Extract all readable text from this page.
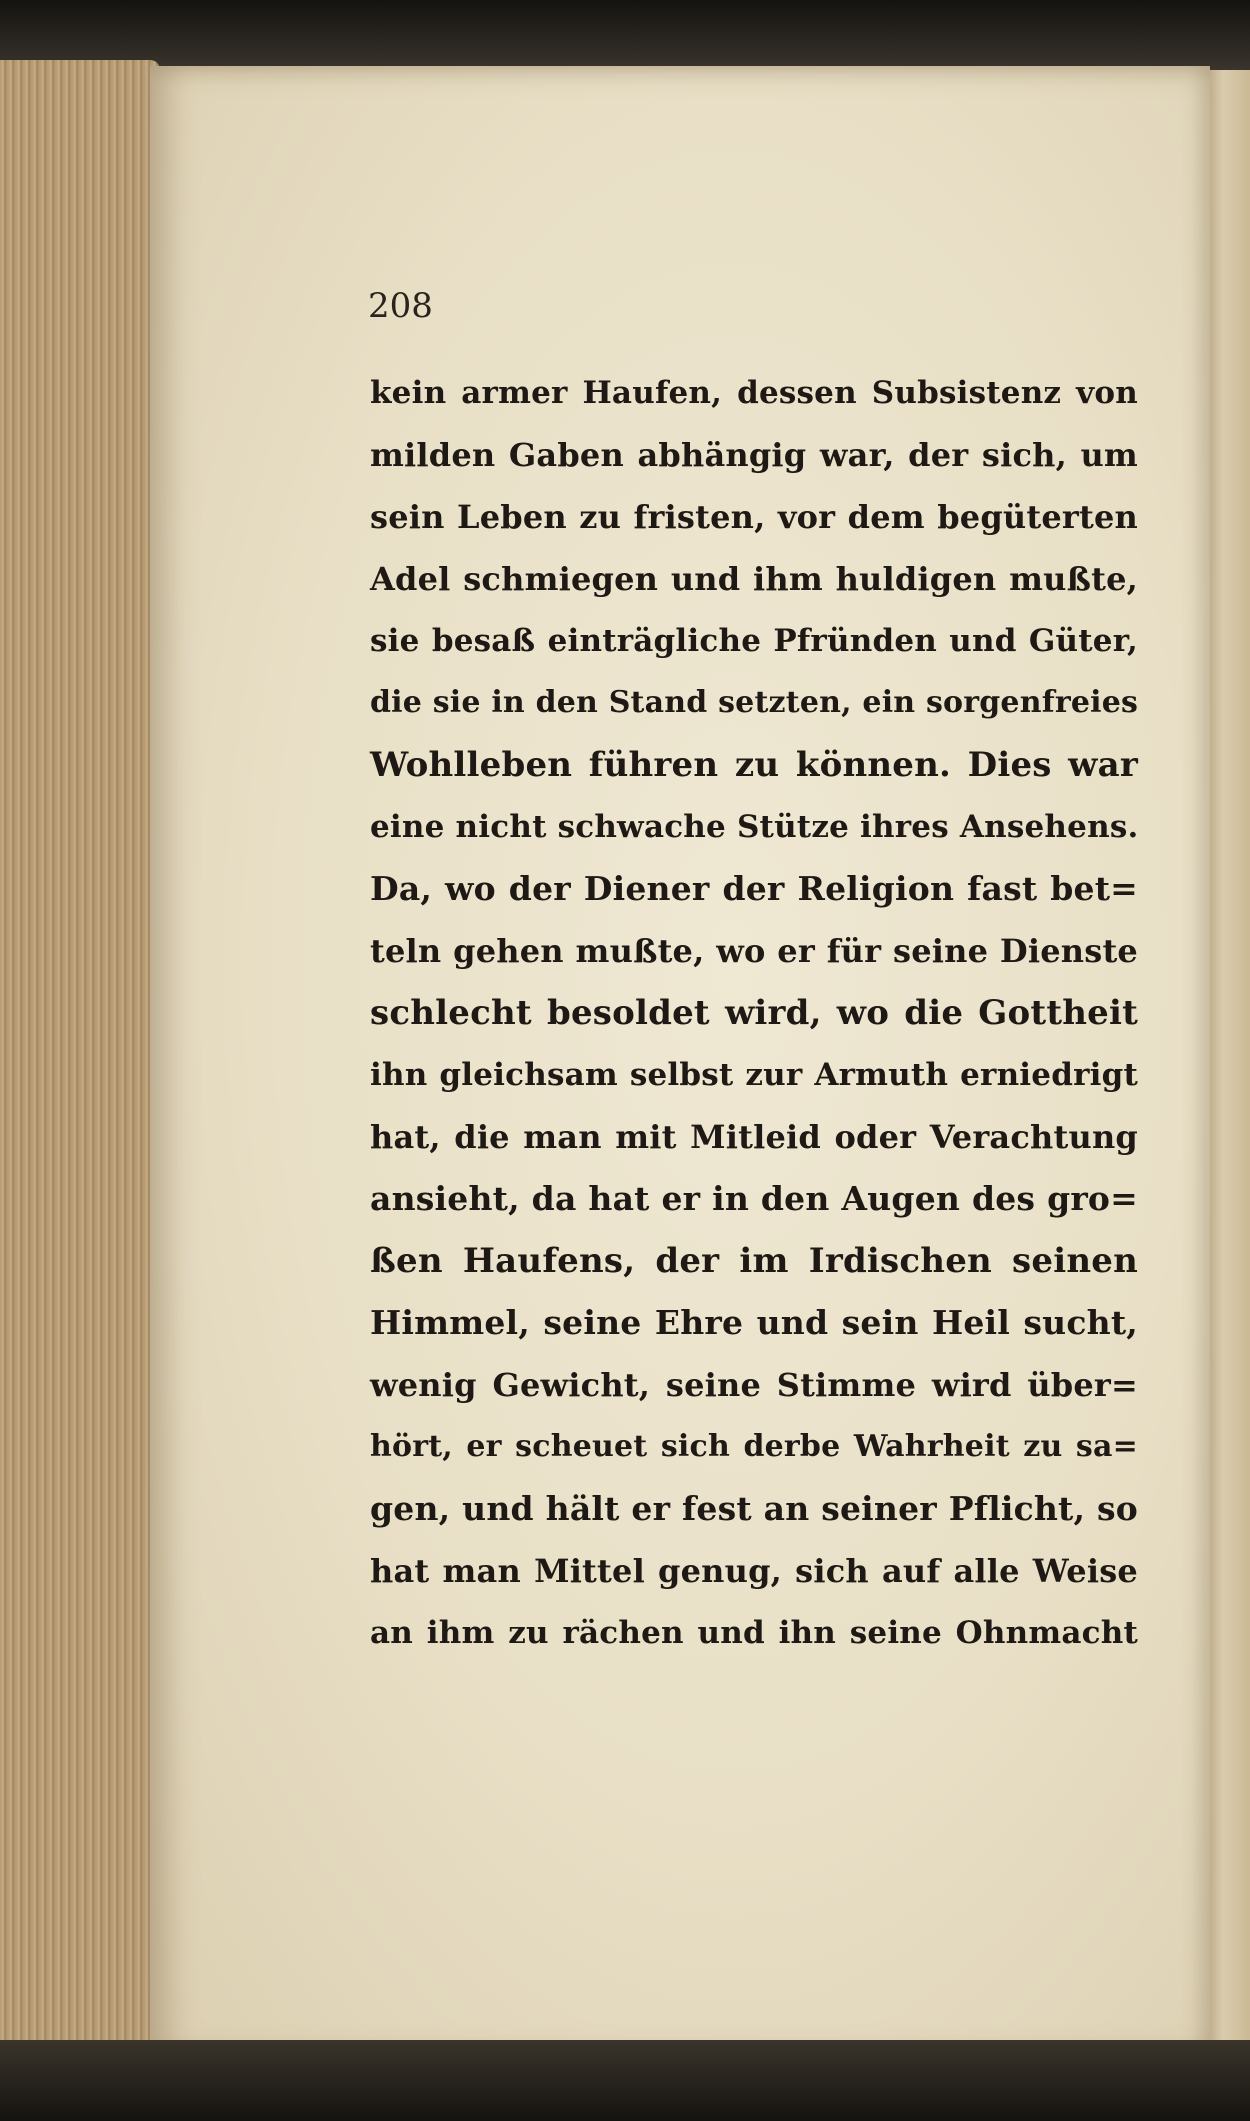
208

kein armer Haufen, dessen Subsistenz von
milden Gaben abhängig war, der sich, um
sein Leben zu fristen, vor dem begüterten
Adel schmiegen und ihm huldigen mußte,
sie besaß einträgliche Pfründen und Güter,
die sie in den Stand setzten, ein sorgenfreies
Wohlleben führen zu können. Dies war
eine nicht schwache Stütze ihres Ansehens.
Da, wo der Diener der Religion fast bet=
teln gehen mußte, wo er für seine Dienste
schlecht besoldet wird, wo die Gottheit
ihn gleichsam selbst zur Armuth erniedrigt
hat, die man mit Mitleid oder Verachtung
ansieht, da hat er in den Augen des gro=
ßen Haufens, der im Irdischen seinen
Himmel, seine Ehre und sein Heil sucht,
wenig Gewicht, seine Stimme wird über=
hört, er scheuet sich derbe Wahrheit zu sa=
gen, und hält er fest an seiner Pflicht, so
hat man Mittel genug, sich auf alle Weise
an ihm zu rächen und ihn seine Ohnmacht
